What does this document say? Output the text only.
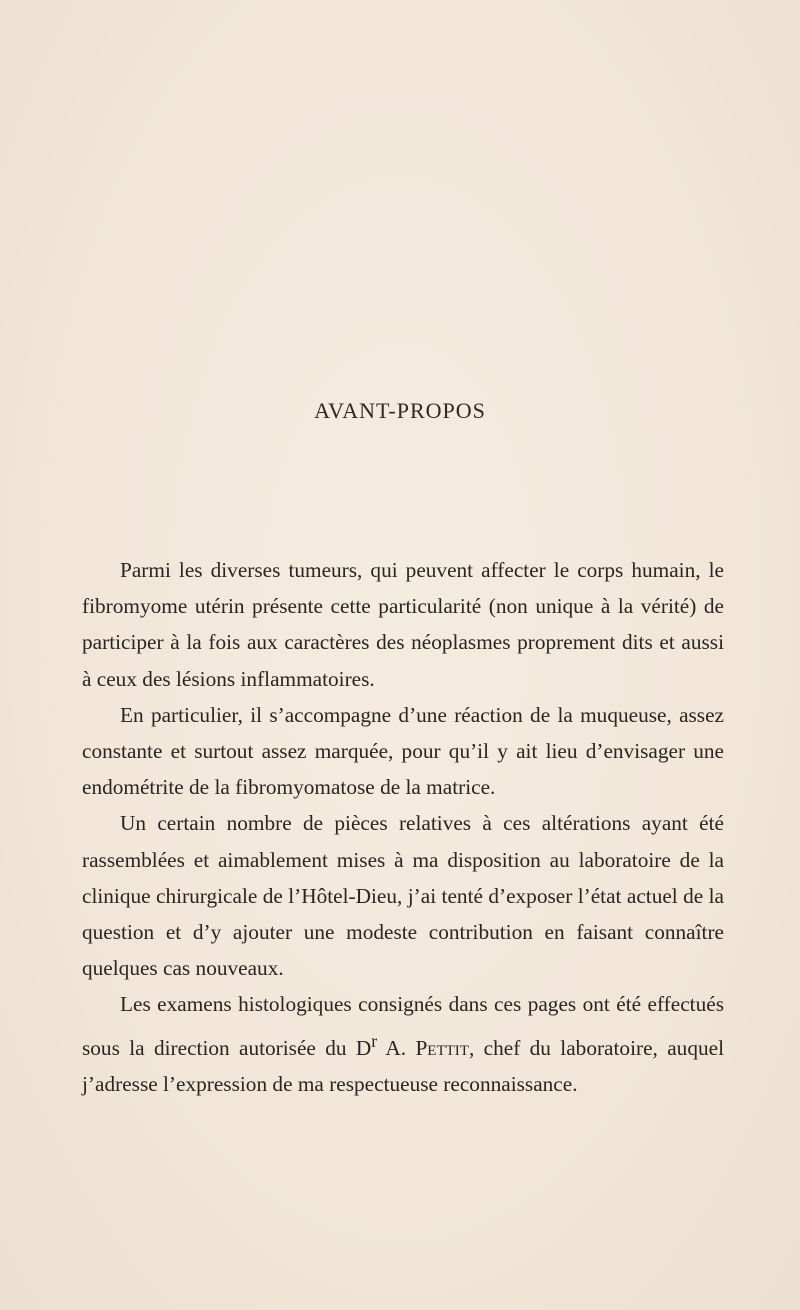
AVANT-PROPOS

Parmi les diverses tumeurs, qui peuvent affecter le corps humain, le fibromyome utérin présente cette particularité (non unique à la vérité) de participer à la fois aux caractères des néoplasmes proprement dits et aussi à ceux des lésions inflammatoires.

En particulier, il s’accompagne d’une réaction de la muqueuse, assez constante et surtout assez marquée, pour qu’il y ait lieu d’envisager une endométrite de la fibromyomatose de la matrice.

Un certain nombre de pièces relatives à ces altérations ayant été rassemblées et aimablement mises à ma disposition au laboratoire de la clinique chirurgicale de l’Hôtel-Dieu, j’ai tenté d’exposer l’état actuel de la question et d’y ajouter une modeste contribution en faisant connaître quelques cas nouveaux.

Les examens histologiques consignés dans ces pages ont été effectués sous la direction autorisée du $D^r$ A. Pettit, chef du laboratoire, auquel j’adresse l’expression de ma respectueuse reconnaissance.
